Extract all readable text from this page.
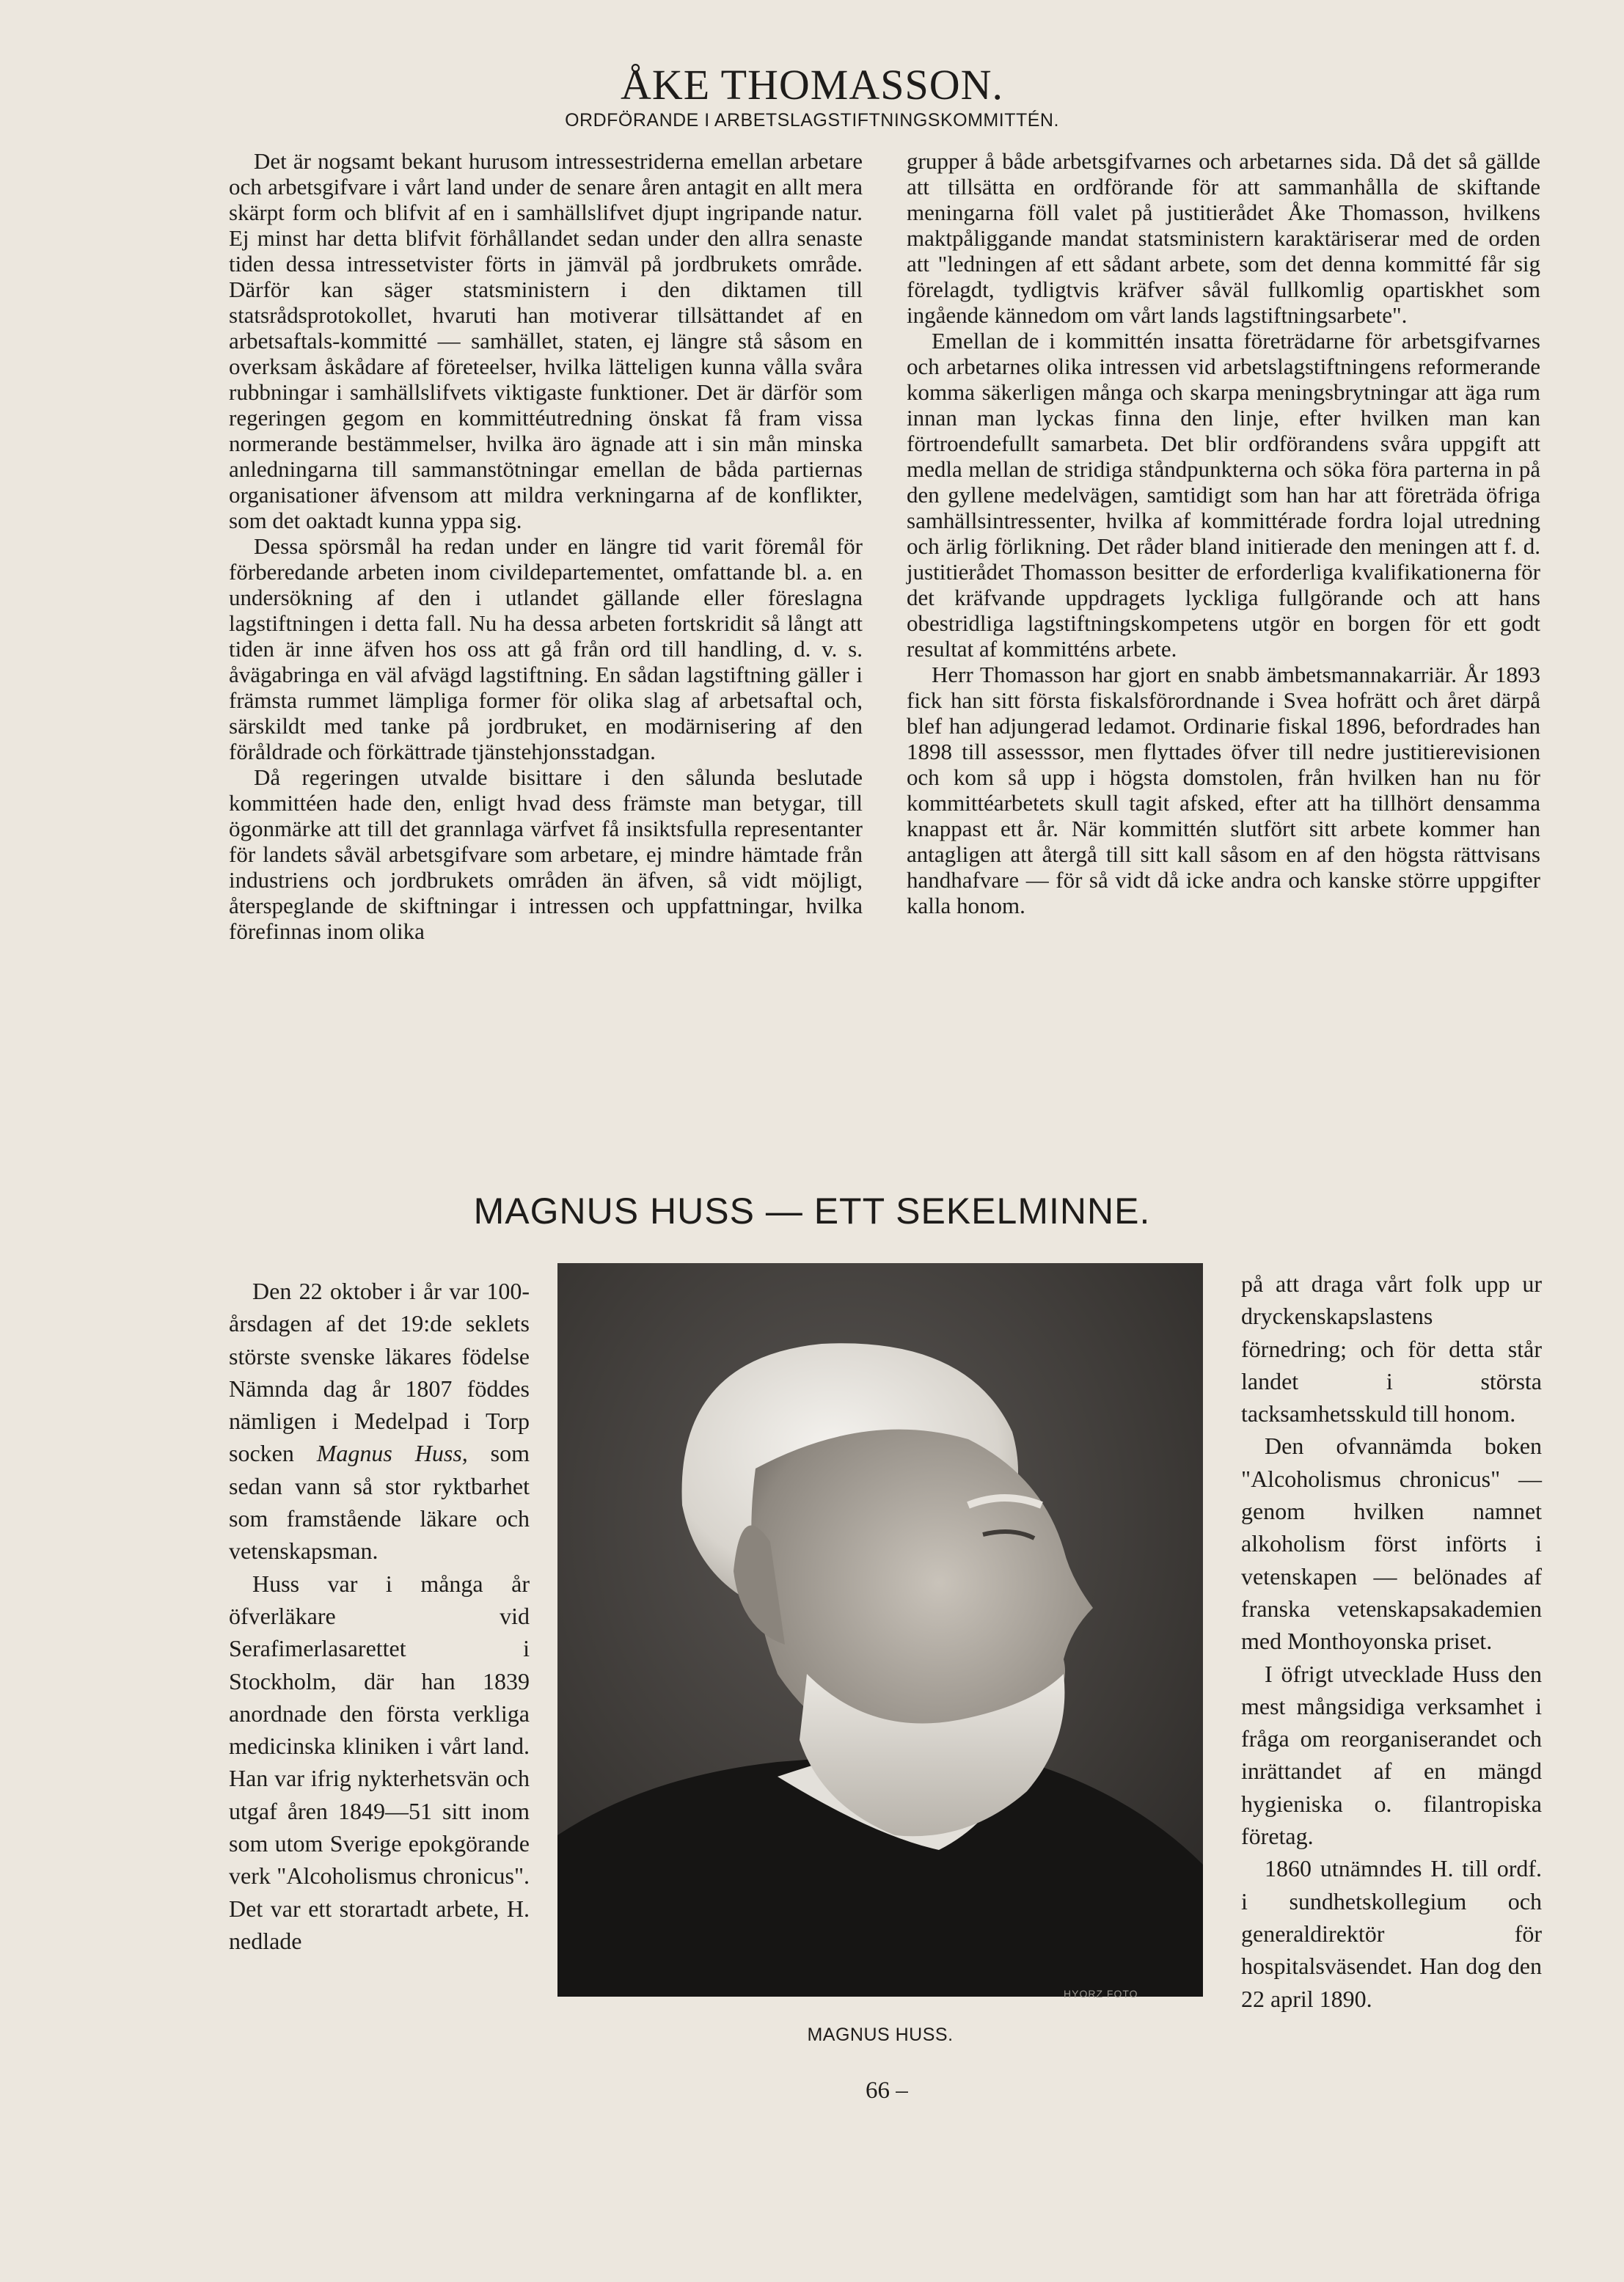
ÅKE THOMASSON.
ORDFÖRANDE I ARBETSLAGSTIFTNINGSKOMMITTÉN.

Det är nogsamt bekant hurusom intressestriderna emellan arbetare och arbetsgifvare i vårt land under de senare åren antagit en allt mera skärpt form och blifvit af en i samhällslifvet djupt ingripande natur. Ej minst har detta blifvit förhållandet sedan under den allra senaste tiden dessa intressetvister förts in jämväl på jordbrukets område. Därför kan säger statsministern i den diktamen till statsrådsprotokollet, hvaruti han motiverar tillsättandet af en arbetsaftals-kommitté — samhället, staten, ej längre stå såsom en overksam åskådare af företeelser, hvilka lätteligen kunna vålla svåra rubbningar i samhällslifvets viktigaste funktioner. Det är därför som regeringen gegom en kommittéutredning önskat få fram vissa normerande bestämmelser, hvilka äro ägnade att i sin mån minska anledningarna till sammanstötningar emellan de båda partiernas organisationer äfvensom att mildra verkningarna af de konflikter, som det oaktadt kunna yppa sig.

Dessa spörsmål ha redan under en längre tid varit föremål för förberedande arbeten inom civildepartementet, omfattande bl. a. en undersökning af den i utlandet gällande eller föreslagna lagstiftningen i detta fall. Nu ha dessa arbeten fortskridit så långt att tiden är inne äfven hos oss att gå från ord till handling, d. v. s. åvägabringa en väl afvägd lagstiftning. En sådan lagstiftning gäller i främsta rummet lämpliga former för olika slag af arbetsaftal och, särskildt med tanke på jordbruket, en modärnisering af den föråldrade och förkättrade tjänstehjonsstadgan.

Då regeringen utvalde bisittare i den sålunda beslutade kommittéen hade den, enligt hvad dess främste man betygar, till ögonmärke att till det grannlaga värfvet få insiktsfulla representanter för landets såväl arbetsgifvare som arbetare, ej mindre hämtade från industriens och jordbrukets områden än äfven, så vidt möjligt, återspeglande de skiftningar i intressen och uppfattningar, hvilka förefinnas inom olika

grupper å både arbetsgifvarnes och arbetarnes sida. Då det så gällde att tillsätta en ordförande för att sammanhålla de skiftande meningarna föll valet på justitierådet Åke Thomasson, hvilkens maktpåliggande mandat statsministern karaktäriserar med de orden att "ledningen af ett sådant arbete, som det denna kommitté får sig förelagdt, tydligtvis kräfver såväl fullkomlig opartiskhet som ingående kännedom om vårt lands lagstiftningsarbete".

Emellan de i kommittén insatta företrädarne för arbetsgifvarnes och arbetarnes olika intressen vid arbetslagstiftningens reformerande komma säkerligen många och skarpa meningsbrytningar att äga rum innan man lyckas finna den linje, efter hvilken man kan förtroendefullt samarbeta. Det blir ordförandens svåra uppgift att medla mellan de stridiga ståndpunkterna och söka föra parterna in på den gyllene medelvägen, samtidigt som han har att företräda öfriga samhällsintressenter, hvilka af kommittérade fordra lojal utredning och ärlig förlikning. Det råder bland initierade den meningen att f. d. justitierådet Thomasson besitter de erforderliga kvalifikationerna för det kräfvande uppdragets lyckliga fullgörande och att hans obestridliga lagstiftningskompetens utgör en borgen för ett godt resultat af kommitténs arbete.

Herr Thomasson har gjort en snabb ämbetsmannakarriär. År 1893 fick han sitt första fiskalsförordnande i Svea hofrätt och året därpå blef han adjungerad ledamot. Ordinarie fiskal 1896, befordrades han 1898 till assesssor, men flyttades öfver till nedre justitierevisionen och kom så upp i högsta domstolen, från hvilken han nu för kommittéarbetets skull tagit afsked, efter att ha tillhört densamma knappast ett år. När kommittén slutfört sitt arbete kommer han antagligen att återgå till sitt kall såsom en af den högsta rättvisans handhafvare — för så vidt då icke andra och kanske större uppgifter kalla honom.

MAGNUS HUSS — ETT SEKELMINNE.

Den 22 oktober i år var 100-årsdagen af det 19:de seklets störste svenske läkares födelse Nämnda dag år 1807 föddes nämligen i Medelpad i Torp socken Magnus Huss, som sedan vann så stor ryktbarhet som framstående läkare och vetenskapsman.

Huss var i många år öfverläkare vid Serafimerlasarettet i Stockholm, där han 1839 anordnade den första verkliga medicinska kliniken i vårt land. Han var ifrig nykterhetsvän och utgaf åren 1849—51 sitt inom som utom Sverige epokgörande verk "Alcoholismus chronicus". Det var ett storartadt arbete, H. nedlade

HYORZ FOTO
MAGNUS HUSS.

på att draga vårt folk upp ur dryckenskapslastens förnedring; och för detta står landet i största tacksamhetsskuld till honom.

Den ofvannämda boken "Alcoholismus chronicus" — genom hvilken namnet alkoholism först införts i vetenskapen — belönades af franska vetenskapsakademien med Monthoyonska priset.

I öfrigt utvecklade Huss den mest mångsidiga verksamhet i fråga om reorganiserandet och inrättandet af en mängd hygieniska o. filantropiska företag.

1860 utnämndes H. till ordf. i sundhetskollegium och generaldirektör för hospitalsväsendet. Han dog den 22 april 1890.

66 –
